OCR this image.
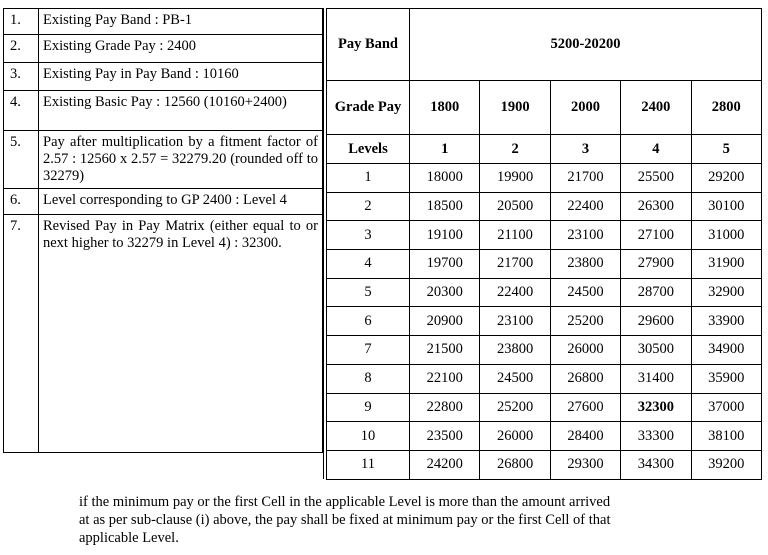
1.	Existing Pay Band : PB-1
2.	Existing Grade Pay : 2400
3.	Existing Pay in Pay Band : 10160
4.	Existing Basic Pay : 12560 (10160+2400)
5.	Pay after multiplication by a fitment factor of 2.57 : 12560 x 2.57 = 32279.20 (rounded off to 32279)
6.	Level corresponding to GP 2400 : Level 4
7.	Revised Pay in Pay Matrix (either equal to or next higher to 32279 in Level 4) : 32300.
Pay Band	5200-20200				
Grade Pay	1800	1900	2000	2400	2800
Levels	1	2	3	4	5
1	18000	19900	21700	25500	29200
2	18500	20500	22400	26300	30100
3	19100	21100	23100	27100	31000
4	19700	21700	23800	27900	31900
5	20300	22400	24500	28700	32900
6	20900	23100	25200	29600	33900
7	21500	23800	26000	30500	34900
8	22100	24500	26800	31400	35900
9	22800	25200	27600	32300	37000
10	23500	26000	28400	33300	38100
11	24200	26800	29300	34300	39200
if the minimum pay or the first Cell in the applicable Level is more than the amount arrived
at as per sub-clause (i) above, the pay shall be fixed at minimum pay or the first Cell of that
applicable Level.
